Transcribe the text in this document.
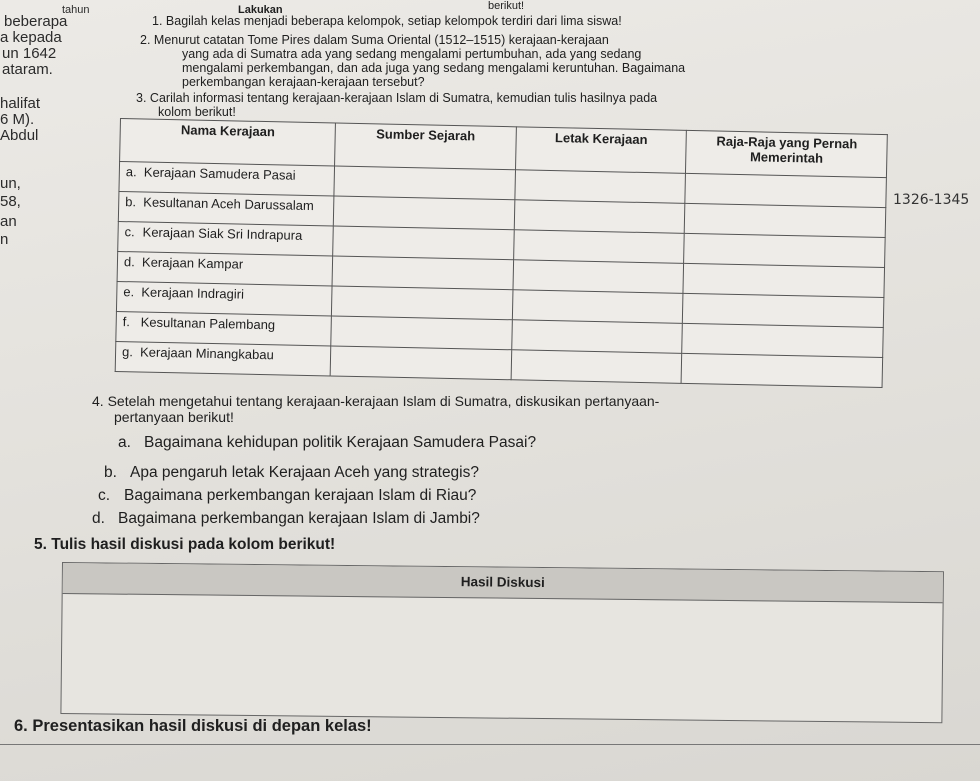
tahun
beberapa
a kepada
un 1642
ataram.
halifat
6 M).
Abdul
un,
58,
an
n
Lakukan	berikut!
1. Bagilah kelas menjadi beberapa kelompok, setiap kelompok terdiri dari lima siswa!
2. Menurut catatan Tome Pires dalam Suma Oriental (1512–1515) kerajaan-kerajaan
yang ada di Sumatra ada yang sedang mengalami pertumbuhan, ada yang sedang
mengalami perkembangan, dan ada juga yang sedang mengalami keruntuhan. Bagaimana
perkembangan kerajaan-kerajaan tersebut?
3. Carilah informasi tentang kerajaan-kerajaan Islam di Sumatra, kemudian tulis hasilnya pada
kolom berikut!
Nama Kerajaan	Sumber Sejarah	Letak Kerajaan	Raja-Raja yang Pernah Memerintah
a. Kerajaan Samudera Pasai			
b. Kesultanan Aceh Darussalam			
c. Kerajaan Siak Sri Indrapura			
d. Kerajaan Kampar			
e. Kerajaan Indragiri			
f. Kesultanan Palembang			
g. Kerajaan Minangkabau			
1326-1345
4. Setelah mengetahui tentang kerajaan-kerajaan Islam di Sumatra, diskusikan pertanyaan-
pertanyaan berikut!
a. Bagaimana kehidupan politik Kerajaan Samudera Pasai?
b. Apa pengaruh letak Kerajaan Aceh yang strategis?
c. Bagaimana perkembangan kerajaan Islam di Riau?
d. Bagaimana perkembangan kerajaan Islam di Jambi?
5. Tulis hasil diskusi pada kolom berikut!
Hasil Diskusi
6. Presentasikan hasil diskusi di depan kelas!
